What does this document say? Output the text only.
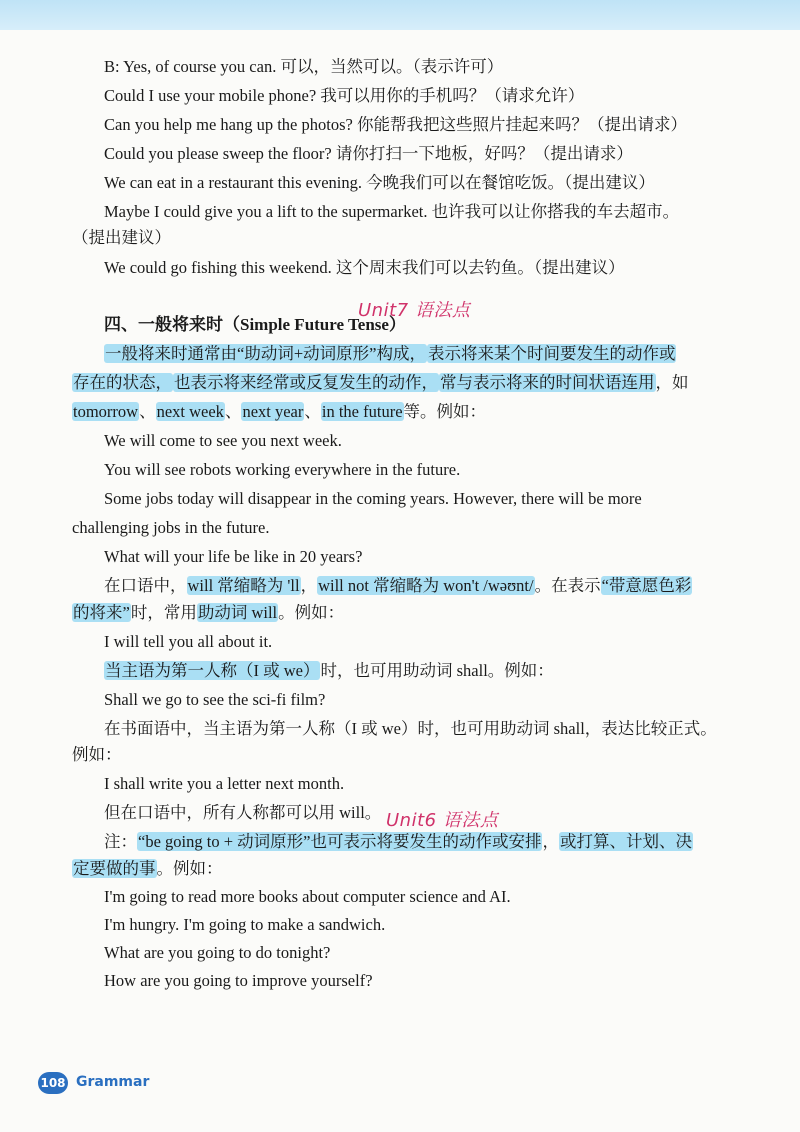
B: Yes, of course you can. 可以，当然可以。（表示许可）
Could I use your mobile phone? 我可以用你的手机吗？（请求允许）
Can you help me hang up the photos? 你能帮我把这些照片挂起来吗？（提出请求）
Could you please sweep the floor? 请你打扫一下地板，好吗？（提出请求）
We can eat in a restaurant this evening. 今晚我们可以在餐馆吃饭。（提出建议）
Maybe I could give you a lift to the supermarket. 也许我可以让你搭我的车去超市。
（提出建议）
We could go fishing this weekend. 这个周末我们可以去钓鱼。（提出建议）
四、一般将来时（Simple Future Tense）
Unit7 语法点
一般将来时通常由“助动词+动词原形”构成， 表示将来某个时间要发生的动作或
存在的状态， 也表示将来经常或反复发生的动作， 常与表示将来的时间状语连用，如
tomorrow、next week、next year、in the future等。例如：
We will come to see you next week.
You will see robots working everywhere in the future.
Some jobs today will disappear in the coming years. However, there will be more
challenging jobs in the future.
What will your life be like in 20 years?
在口语中，will 常缩略为 'll，will not 常缩略为 won't /wəʊnt/。在表示“带意愿色彩
的将来”时，常用助动词 will。例如：
I will tell you all about it.
当主语为第一人称（I 或 we）时，也可用助动词 shall。例如：
Shall we go to see the sci-fi film?
在书面语中，当主语为第一人称（I 或 we）时，也可用助动词 shall，表达比较正式。
例如：
I shall write you a letter next month.
但在口语中，所有人称都可以用 will。 Unit6 语法点
注：“be going to + 动词原形”也可表示将要发生的动作或安排，或打算、计划、决
定要做的事。例如：
I'm going to read more books about computer science and AI.
I'm hungry. I'm going to make a sandwich.
What are you going to do tonight?
How are you going to improve yourself?
108 Grammar
